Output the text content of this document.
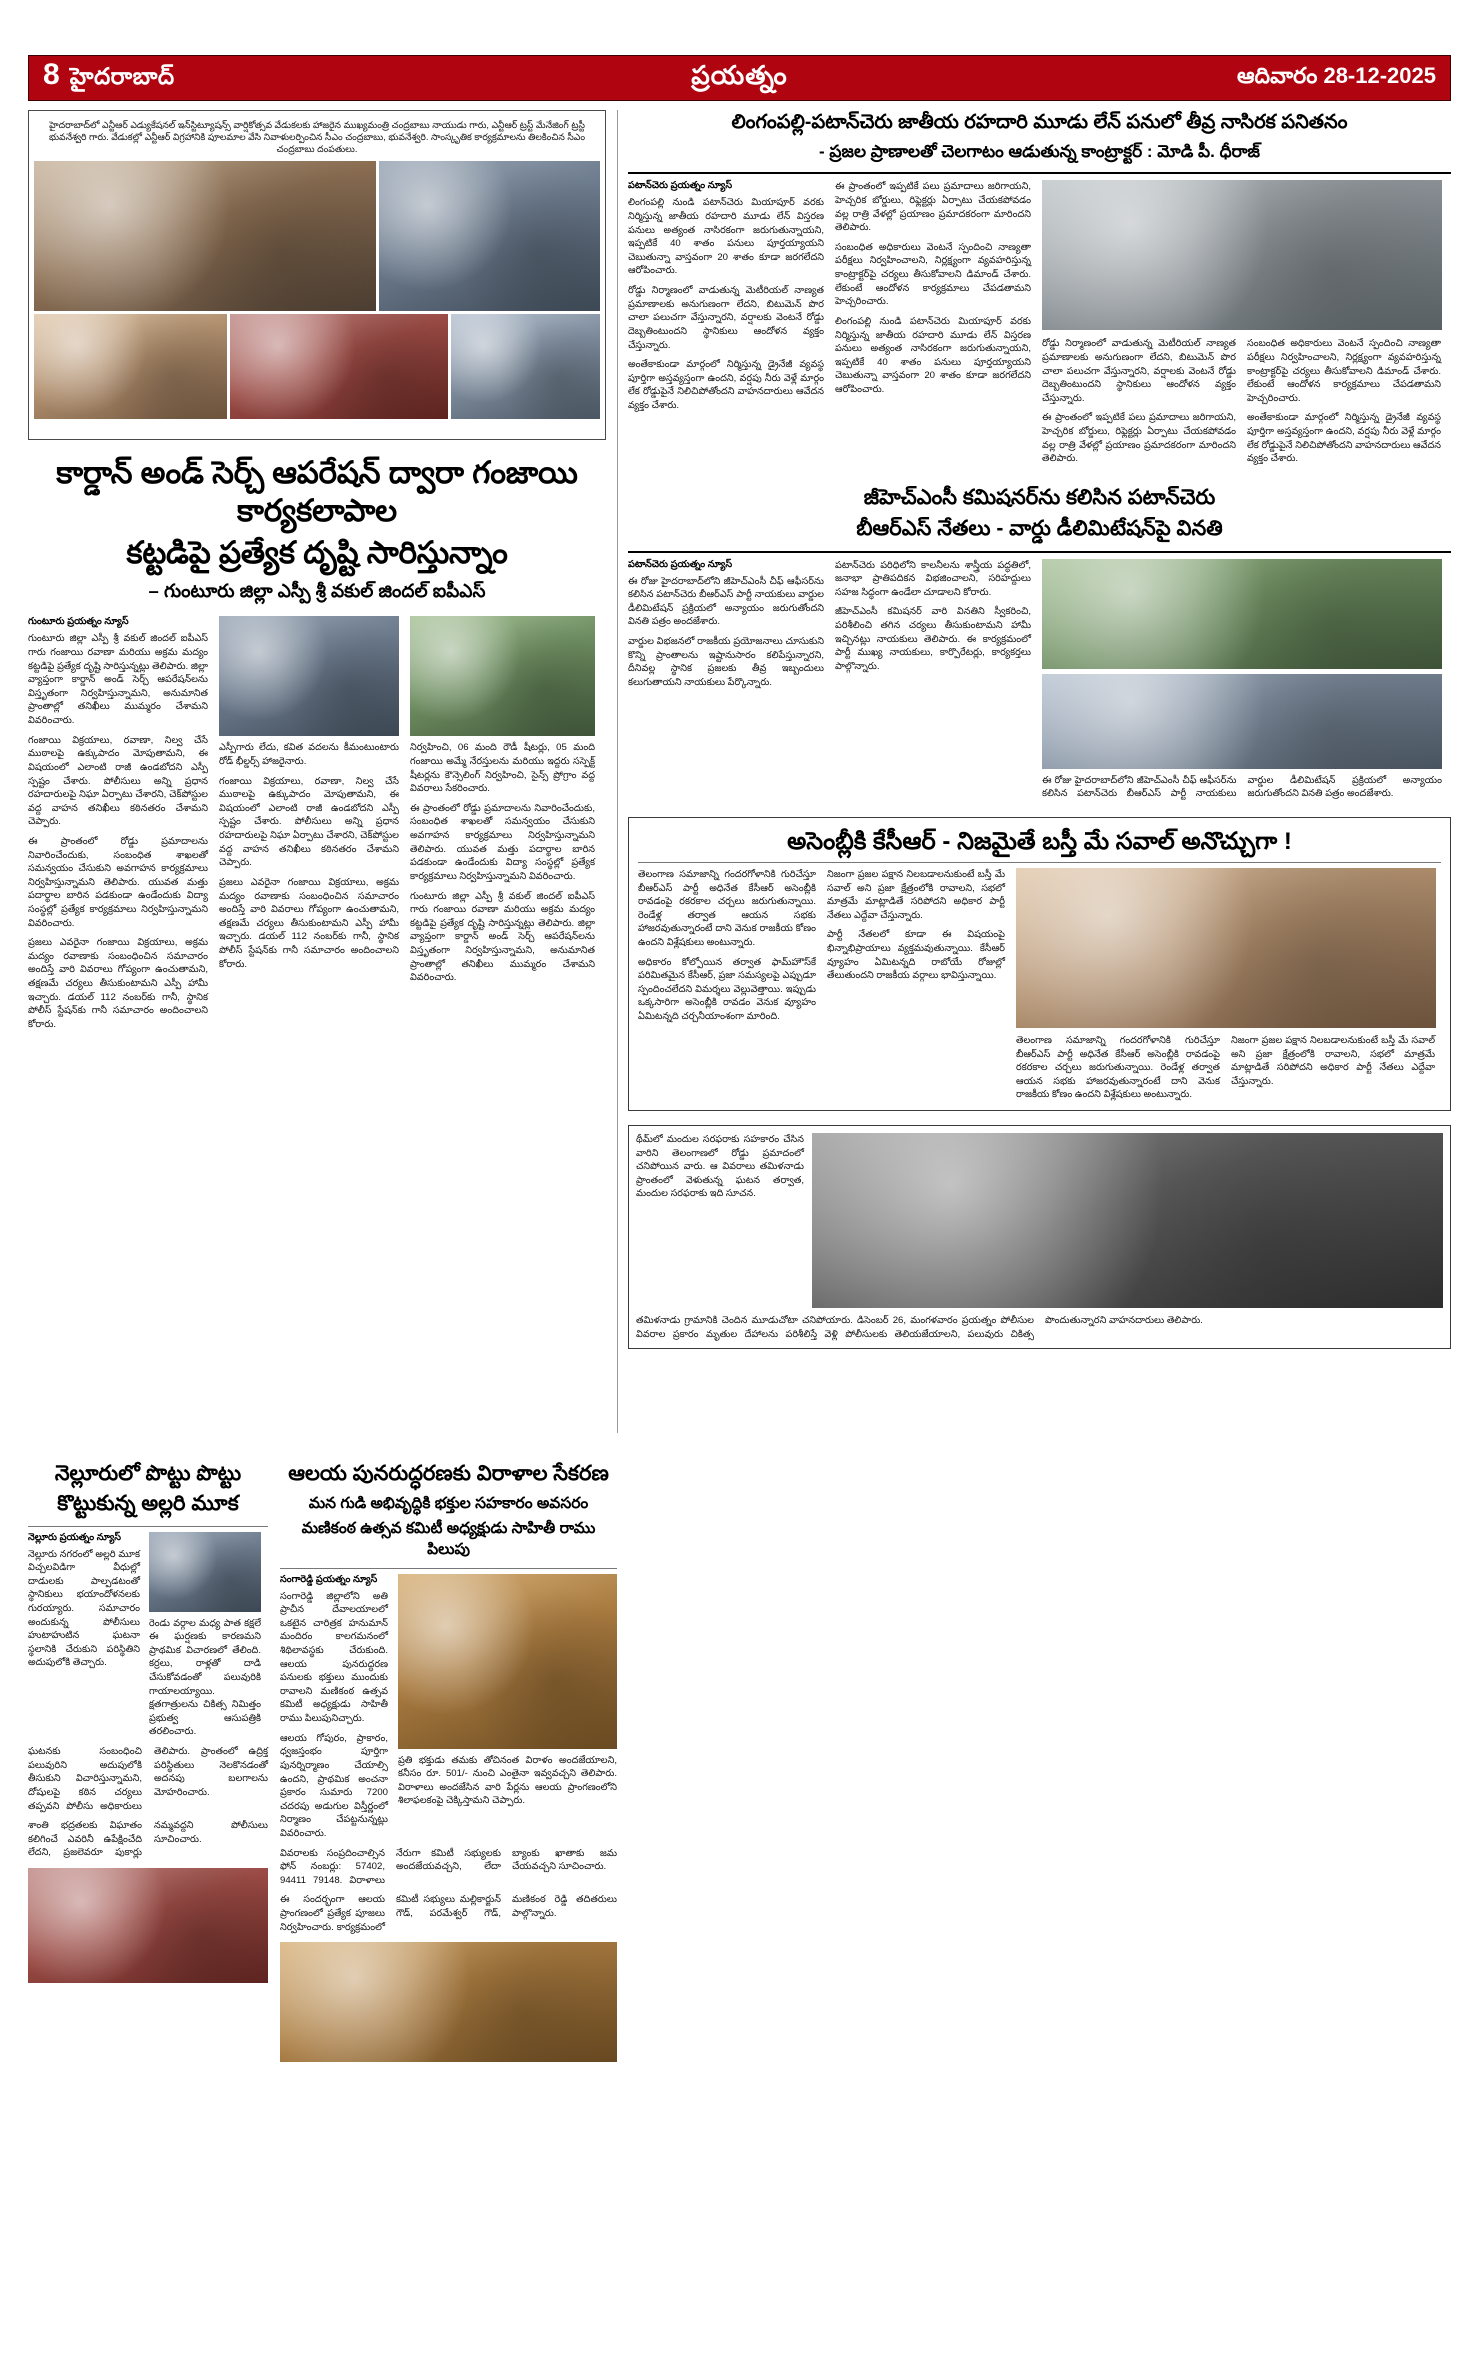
8 హైదరాబాద్	ప్రయత్నం	ఆదివారం 28-12-2025
హైదరాబాద్‌లో ఎన్టీఆర్ ఎడ్యుకేషనల్ ఇన్‌స్టిట్యూషన్స్ వార్షికోత్సవ వేడుకలకు హాజరైన ముఖ్యమంత్రి చంద్రబాబు నాయుడు గారు, ఎన్టీఆర్ ట్రస్ట్ మేనేజింగ్ ట్రస్టీ భువనేశ్వరి గారు. వేడుకల్లో ఎన్టీఆర్ విగ్రహానికి పూలమాల వేసి నివాళులర్పించిన సీఎం చంద్రబాబు, భువనేశ్వరి. సాంస్కృతిక కార్యక్రమాలను తిలకించిన సీఎం చంద్రబాబు దంపతులు.
కార్డాన్ అండ్ సెర్చ్ ఆపరేషన్ ద్వారా గంజాయి కార్యకలాపాల
కట్టడిపై ప్రత్యేక దృష్టి సారిస్తున్నాం
– గుంటూరు జిల్లా ఎస్పీ శ్రీ వకుల్ జిందల్ ఐపీఎస్
గుంటూరు ప్రయత్నం న్యూస్
గుంటూరు జిల్లా ఎస్పీ శ్రీ వకుల్ జిందల్ ఐపీఎస్ గారు గంజాయి రవాణా మరియు అక్రమ మద్యం కట్టడిపై ప్రత్యేక దృష్టి సారిస్తున్నట్లు తెలిపారు. జిల్లా వ్యాప్తంగా కార్డాన్ అండ్ సెర్చ్ ఆపరేషన్‌లను విస్తృతంగా నిర్వహిస్తున్నామని, అనుమానిత ప్రాంతాల్లో తనిఖీలు ముమ్మరం చేశామని వివరించారు.
గంజాయి విక్రయాలు, రవాణా, నిల్వ చేసే ముఠాలపై ఉక్కుపాదం మోపుతామని, ఈ విషయంలో ఎలాంటి రాజీ ఉండబోదని ఎస్పీ స్పష్టం చేశారు. పోలీసులు అన్ని ప్రధాన రహదారులపై నిఘా ఏర్పాటు చేశారని, చెక్‌పోస్టుల వద్ద వాహన తనిఖీలు కఠినతరం చేశామని చెప్పారు.
ఈ ప్రాంతంలో రోడ్డు ప్రమాదాలను నివారించేందుకు, సంబంధిత శాఖలతో సమన్వయం చేసుకుని అవగాహన కార్యక్రమాలు నిర్వహిస్తున్నామని తెలిపారు. యువత మత్తు పదార్థాల బారిన పడకుండా ఉండేందుకు విద్యా సంస్థల్లో ప్రత్యేక కార్యక్రమాలు నిర్వహిస్తున్నామని వివరించారు.
ప్రజలు ఎవరైనా గంజాయి విక్రయాలు, అక్రమ మద్యం రవాణాకు సంబంధించిన సమాచారం అందిస్తే వారి వివరాలు గోప్యంగా ఉంచుతామని, తక్షణమే చర్యలు తీసుకుంటామని ఎస్పీ హామీ ఇచ్చారు. డయల్ 112 నంబర్‌కు గానీ, స్థానిక పోలీస్ స్టేషన్‌కు గానీ సమాచారం అందించాలని కోరారు.
ఎస్పీగారు లేదు, కవిత వదలను కీమంటుంటారు రోడ్ భీల్డర్స్ హాజరైనారు.
గంజాయి విక్రయాలు, రవాణా, నిల్వ చేసే ముఠాలపై ఉక్కుపాదం మోపుతామని, ఈ విషయంలో ఎలాంటి రాజీ ఉండబోదని ఎస్పీ స్పష్టం చేశారు. పోలీసులు అన్ని ప్రధాన రహదారులపై నిఘా ఏర్పాటు చేశారని, చెక్‌పోస్టుల వద్ద వాహన తనిఖీలు కఠినతరం చేశామని చెప్పారు.
ప్రజలు ఎవరైనా గంజాయి విక్రయాలు, అక్రమ మద్యం రవాణాకు సంబంధించిన సమాచారం అందిస్తే వారి వివరాలు గోప్యంగా ఉంచుతామని, తక్షణమే చర్యలు తీసుకుంటామని ఎస్పీ హామీ ఇచ్చారు. డయల్ 112 నంబర్‌కు గానీ, స్థానిక పోలీస్ స్టేషన్‌కు గానీ సమాచారం అందించాలని కోరారు.
నిర్వహించి, 06 మంది రౌడీ షీటర్లు, 05 మంది గంజాయి అమ్మే నేరస్తులను మరియు ఇద్దరు సస్పెక్ట్ షీటర్లను కౌన్సెలింగ్ నిర్వహించి, సైన్స్ ప్రోగ్రాం వద్ద వివరాలు సేకరించారు.
ఈ ప్రాంతంలో రోడ్డు ప్రమాదాలను నివారించేందుకు, సంబంధిత శాఖలతో సమన్వయం చేసుకుని అవగాహన కార్యక్రమాలు నిర్వహిస్తున్నామని తెలిపారు. యువత మత్తు పదార్థాల బారిన పడకుండా ఉండేందుకు విద్యా సంస్థల్లో ప్రత్యేక కార్యక్రమాలు నిర్వహిస్తున్నామని వివరించారు.
గుంటూరు జిల్లా ఎస్పీ శ్రీ వకుల్ జిందల్ ఐపీఎస్ గారు గంజాయి రవాణా మరియు అక్రమ మద్యం కట్టడిపై ప్రత్యేక దృష్టి సారిస్తున్నట్లు తెలిపారు. జిల్లా వ్యాప్తంగా కార్డాన్ అండ్ సెర్చ్ ఆపరేషన్‌లను విస్తృతంగా నిర్వహిస్తున్నామని, అనుమానిత ప్రాంతాల్లో తనిఖీలు ముమ్మరం చేశామని వివరించారు.
లింగంపల్లి-పటాన్‌చెరు జాతీయ రహదారి మూడు లేన్ పనులో తీవ్ర నాసిరక పనితనం
- ప్రజల ప్రాణాలతో చెలగాటం ఆడుతున్న కాంట్రాక్టర్ : మోడి పీ. ధీరాజ్
పటాన్‌చెరు ప్రయత్నం న్యూస్
లింగంపల్లి నుండి పటాన్‌చెరు మియాపూర్ వరకు నిర్మిస్తున్న జాతీయ రహదారి మూడు లేన్ విస్తరణ పనులు అత్యంత నాసిరకంగా జరుగుతున్నాయని, ఇప్పటికే 40 శాతం పనులు పూర్తయ్యాయని చెబుతున్నా వాస్తవంగా 20 శాతం కూడా జరగలేదని ఆరోపించారు.
రోడ్డు నిర్మాణంలో వాడుతున్న మెటీరియల్ నాణ్యత ప్రమాణాలకు అనుగుణంగా లేదని, బిటుమెన్ పొర చాలా పలుచగా వేస్తున్నారని, వర్షాలకు వెంటనే రోడ్డు దెబ్బతింటుందని స్థానికులు ఆందోళన వ్యక్తం చేస్తున్నారు.
అంతేకాకుండా మార్గంలో నిర్మిస్తున్న డ్రైనేజీ వ్యవస్థ పూర్తిగా అస్తవ్యస్తంగా ఉందని, వర్షపు నీరు వెళ్లే మార్గం లేక రోడ్డుపైనే నిలిచిపోతోందని వాహనదారులు ఆవేదన వ్యక్తం చేశారు.
ఈ ప్రాంతంలో ఇప్పటికే పలు ప్రమాదాలు జరిగాయని, హెచ్చరిక బోర్డులు, రిఫ్లెక్టర్లు ఏర్పాటు చేయకపోవడం వల్ల రాత్రి వేళల్లో ప్రయాణం ప్రమాదకరంగా మారిందని తెలిపారు.
సంబంధిత అధికారులు వెంటనే స్పందించి నాణ్యతా పరీక్షలు నిర్వహించాలని, నిర్లక్ష్యంగా వ్యవహరిస్తున్న కాంట్రాక్టర్‌పై చర్యలు తీసుకోవాలని డిమాండ్ చేశారు. లేకుంటే ఆందోళన కార్యక్రమాలు చేపడతామని హెచ్చరించారు.
లింగంపల్లి నుండి పటాన్‌చెరు మియాపూర్ వరకు నిర్మిస్తున్న జాతీయ రహదారి మూడు లేన్ విస్తరణ పనులు అత్యంత నాసిరకంగా జరుగుతున్నాయని, ఇప్పటికే 40 శాతం పనులు పూర్తయ్యాయని చెబుతున్నా వాస్తవంగా 20 శాతం కూడా జరగలేదని ఆరోపించారు.
రోడ్డు నిర్మాణంలో వాడుతున్న మెటీరియల్ నాణ్యత ప్రమాణాలకు అనుగుణంగా లేదని, బిటుమెన్ పొర చాలా పలుచగా వేస్తున్నారని, వర్షాలకు వెంటనే రోడ్డు దెబ్బతింటుందని స్థానికులు ఆందోళన వ్యక్తం చేస్తున్నారు.
ఈ ప్రాంతంలో ఇప్పటికే పలు ప్రమాదాలు జరిగాయని, హెచ్చరిక బోర్డులు, రిఫ్లెక్టర్లు ఏర్పాటు చేయకపోవడం వల్ల రాత్రి వేళల్లో ప్రయాణం ప్రమాదకరంగా మారిందని తెలిపారు.
సంబంధిత అధికారులు వెంటనే స్పందించి నాణ్యతా పరీక్షలు నిర్వహించాలని, నిర్లక్ష్యంగా వ్యవహరిస్తున్న కాంట్రాక్టర్‌పై చర్యలు తీసుకోవాలని డిమాండ్ చేశారు. లేకుంటే ఆందోళన కార్యక్రమాలు చేపడతామని హెచ్చరించారు.
అంతేకాకుండా మార్గంలో నిర్మిస్తున్న డ్రైనేజీ వ్యవస్థ పూర్తిగా అస్తవ్యస్తంగా ఉందని, వర్షపు నీరు వెళ్లే మార్గం లేక రోడ్డుపైనే నిలిచిపోతోందని వాహనదారులు ఆవేదన వ్యక్తం చేశారు.
జీహెచ్ఎంసీ కమిషనర్‌ను కలిసిన పటాన్‌చెరు
బీఆర్ఎస్ నేతలు - వార్డు డీలిమిటేషన్‌పై వినతి
పటాన్‌చెరు ప్రయత్నం న్యూస్
ఈ రోజు హైదరాబాద్‌లోని జీహెచ్ఎంసీ చీఫ్ ఆఫీసర్‌ను కలిసిన పటాన్‌చెరు బీఆర్ఎస్ పార్టీ నాయకులు వార్డుల డీలిమిటేషన్ ప్రక్రియలో అన్యాయం జరుగుతోందని వినతి పత్రం అందజేశారు.
వార్డుల విభజనలో రాజకీయ ప్రయోజనాలు చూసుకుని కొన్ని ప్రాంతాలను ఇష్టానుసారం కలిపేస్తున్నారని, దీనివల్ల స్థానిక ప్రజలకు తీవ్ర ఇబ్బందులు కలుగుతాయని నాయకులు పేర్కొన్నారు.
పటాన్‌చెరు పరిధిలోని కాలనీలను శాస్త్రీయ పద్ధతిలో, జనాభా ప్రాతిపదికన విభజించాలని, సరిహద్దులు సహజ సిద్ధంగా ఉండేలా చూడాలని కోరారు.
జీహెచ్ఎంసీ కమిషనర్ వారి వినతిని స్వీకరించి, పరిశీలించి తగిన చర్యలు తీసుకుంటామని హామీ ఇచ్చినట్లు నాయకులు తెలిపారు. ఈ కార్యక్రమంలో పార్టీ ముఖ్య నాయకులు, కార్పొరేటర్లు, కార్యకర్తలు పాల్గొన్నారు.
ఈ రోజు హైదరాబాద్‌లోని జీహెచ్ఎంసీ చీఫ్ ఆఫీసర్‌ను కలిసిన పటాన్‌చెరు బీఆర్ఎస్ పార్టీ నాయకులు వార్డుల డీలిమిటేషన్ ప్రక్రియలో అన్యాయం జరుగుతోందని వినతి పత్రం అందజేశారు.
అసెంబ్లీకి కేసీఆర్ - నిజమైతే బస్తీ మే సవాల్ అనొచ్చుగా !
తెలంగాణ సమాజాన్ని గందరగోళానికి గురిచేస్తూ బీఆర్ఎస్ పార్టీ అధినేత కేసీఆర్ అసెంబ్లీకి రావడంపై రకరకాల చర్చలు జరుగుతున్నాయి. రెండేళ్ల తర్వాత ఆయన సభకు హాజరవుతున్నారంటే దాని వెనుక రాజకీయ కోణం ఉందని విశ్లేషకులు అంటున్నారు.
అధికారం కోల్పోయిన తర్వాత ఫామ్‌హౌస్‌కే పరిమితమైన కేసీఆర్, ప్రజా సమస్యలపై ఎప్పుడూ స్పందించలేదని విమర్శలు వెల్లువెత్తాయి. ఇప్పుడు ఒక్కసారిగా అసెంబ్లీకి రావడం వెనుక వ్యూహం ఏమిటన్నది చర్చనీయాంశంగా మారింది.
నిజంగా ప్రజల పక్షాన నిలబడాలనుకుంటే బస్తీ మే సవాల్ అని ప్రజా క్షేత్రంలోకి రావాలని, సభలో మాత్రమే మాట్లాడితే సరిపోదని అధికార పార్టీ నేతలు ఎద్దేవా చేస్తున్నారు.
పార్టీ నేతలలో కూడా ఈ విషయంపై భిన్నాభిప్రాయాలు వ్యక్తమవుతున్నాయి. కేసీఆర్ వ్యూహం ఏమిటన్నది రాబోయే రోజుల్లో తేలుతుందని రాజకీయ వర్గాలు భావిస్తున్నాయి.
తెలంగాణ సమాజాన్ని గందరగోళానికి గురిచేస్తూ బీఆర్ఎస్ పార్టీ అధినేత కేసీఆర్ అసెంబ్లీకి రావడంపై రకరకాల చర్చలు జరుగుతున్నాయి. రెండేళ్ల తర్వాత ఆయన సభకు హాజరవుతున్నారంటే దాని వెనుక రాజకీయ కోణం ఉందని విశ్లేషకులు అంటున్నారు.
నిజంగా ప్రజల పక్షాన నిలబడాలనుకుంటే బస్తీ మే సవాల్ అని ప్రజా క్షేత్రంలోకి రావాలని, సభలో మాత్రమే మాట్లాడితే సరిపోదని అధికార పార్టీ నేతలు ఎద్దేవా చేస్తున్నారు.
థీమ్‌లో మందుల సరఫరాకు సహకారం చేసిన వారిని తెలంగాణలో రోడ్డు ప్రమాదంలో చనిపోయిన వారు. ఆ వివరాలు తమిళనాడు ప్రాంతంలో వెళుతున్న ఘటన తర్వాత, మందుల సరఫరాకు ఇది సూచన.
తమిళనాడు గ్రామానికి చెందిన మూడుచోటా చనిపోయారు. డిసెంబర్ 26, మంగళవారం ప్రయత్నం పోలీసుల వివరాల ప్రకారం మృతుల దేహాలను పరిశీలిస్తే వెళ్లి పోలీసులకు తెలియజేయాలని, పలువురు చికిత్స పొందుతున్నారని వాహనదారులు తెలిపారు.
నెల్లూరులో పొట్టు పొట్టు
కొట్టుకున్న అల్లరి మూక
నెల్లూరు ప్రయత్నం న్యూస్
నెల్లూరు నగరంలో అల్లరి మూక విచ్చలవిడిగా వీధుల్లో దాడులకు పాల్పడటంతో స్థానికులు భయాందోళనలకు గురయ్యారు. సమాచారం అందుకున్న పోలీసులు హుటాహుటిన ఘటనా స్థలానికి చేరుకుని పరిస్థితిని అదుపులోకి తెచ్చారు.
రెండు వర్గాల మధ్య పాత కక్షలే ఈ ఘర్షణకు కారణమని ప్రాథమిక విచారణలో తేలింది. కర్రలు, రాళ్లతో దాడి చేసుకోవడంతో పలువురికి గాయాలయ్యాయి. క్షతగాత్రులను చికిత్స నిమిత్తం ప్రభుత్వ ఆసుపత్రికి తరలించారు.
ఘటనకు సంబంధించి పలువురిని అదుపులోకి తీసుకుని విచారిస్తున్నామని, దోషులపై కఠిన చర్యలు తప్పవని పోలీసు అధికారులు తెలిపారు. ప్రాంతంలో ఉద్రిక్త పరిస్థితులు నెలకొనడంతో అదనపు బలగాలను మోహరించారు.
శాంతి భద్రతలకు విఘాతం కలిగించే ఎవరినీ ఉపేక్షించేది లేదని, ప్రజలెవరూ పుకార్లు నమ్మవద్దని పోలీసులు సూచించారు.
ఆలయ పునరుద్ధరణకు విరాళాల సేకరణ
మన గుడి అభివృద్ధికి భక్తుల సహకారం అవసరం
మణికంఠ ఉత్సవ కమిటీ అధ్యక్షుడు సాహితీ రాము పిలుపు
సంగారెడ్డి ప్రయత్నం న్యూస్
సంగారెడ్డి జిల్లాలోని అతి ప్రాచీన దేవాలయాలలో ఒకటైన చారిత్రక హనుమాన్ మందిరం కాలగమనంలో శిథిలావస్థకు చేరుకుంది. ఆలయ పునరుద్ధరణ పనులకు భక్తులు ముందుకు రావాలని మణికంఠ ఉత్సవ కమిటీ అధ్యక్షుడు సాహితీ రాము పిలుపునిచ్చారు.
ఆలయ గోపురం, ప్రాకారం, ధ్వజస్తంభం పూర్తిగా పునర్నిర్మాణం చేయాల్సి ఉందని, ప్రాథమిక అంచనా ప్రకారం సుమారు 7200 చదరపు అడుగుల విస్తీర్ణంలో నిర్మాణం చేపట్టనున్నట్లు వివరించారు.
ప్రతి భక్తుడు తమకు తోచినంత విరాళం అందజేయాలని, కనీసం రూ. 501/- నుంచి ఎంతైనా ఇవ్వవచ్చని తెలిపారు. విరాళాలు అందజేసిన వారి పేర్లను ఆలయ ప్రాంగణంలోని శిలాఫలకంపై చెక్కిస్తామని చెప్పారు.
వివరాలకు సంప్రదించాల్సిన ఫోన్ నంబర్లు: 57402, 94411 79148. విరాళాలు నేరుగా కమిటీ సభ్యులకు అందజేయవచ్చని, లేదా బ్యాంకు ఖాతాకు జమ చేయవచ్చని సూచించారు.
ఈ సందర్భంగా ఆలయ ప్రాంగణంలో ప్రత్యేక పూజలు నిర్వహించారు. కార్యక్రమంలో కమిటీ సభ్యులు మల్లికార్జున్ గౌడ్, పరమేశ్వర్ గౌడ్, మణికంఠ రెడ్డి తదితరులు పాల్గొన్నారు.
